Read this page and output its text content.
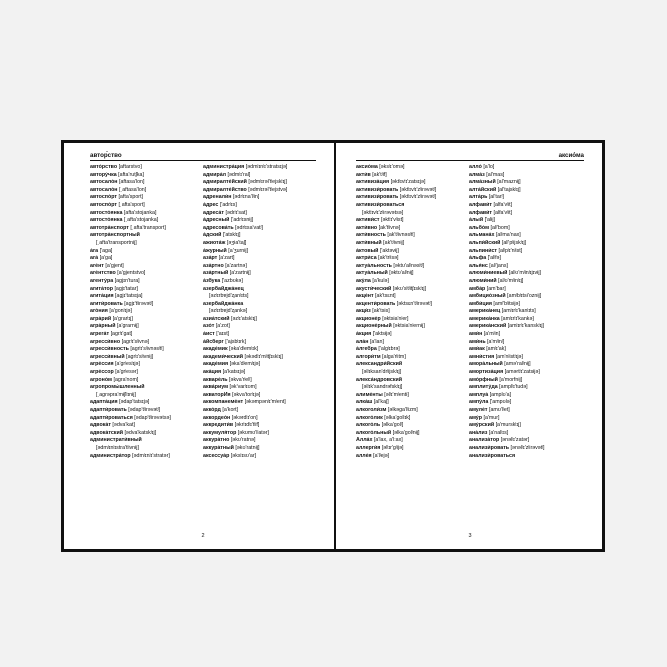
автор́ство
авто́рство [aftarstvo]
автору́чка [afta'rutʃka]
автосало́н [aftasa'lon]
автосало́н [ˌaftasa'lon]
автоспо́рт [afta'sport]
автоспо́рт [ˌafta'sport]
автосто́янка [afta'stojanka]
автосто́янка [ˌafta'stojanka]
автотра́нспорт [ˌafta'transport]
автотра́нспортный
[ˌafta'transportnij]
а́га ['aga]
ага́ [a'ga]
аге́нт [a'gjent]
аге́нтство [a'gjentstvo]
агенту́ра [agjɪn'tura]
агита́тор [agjɪ'tatar]
агита́ция [agjɪ'tatsɪja]
агити́ровать [agjɪ'tʲirəvətʲ]
аго́ния [a'gonʲɪjə]
агра́рий [a'grarʲɪj]
агра́рный [a'grarnɨj]
агрега́т [agrʲɪ'gat]
агресси́вно [agrʲɪ'sʲivnə]
агресси́вность [agrʲɪ'sʲivnəsʲtʲ]
агресси́вный [agrʲɪ'sʲivnɨj]
агре́ссия [a'grʲesʲɪjə]
агре́ссор [a'grʲesər]
агроно́м [agra'nom]
агропромы́шленный
[ˌagrəpra'mɨʃlʲɪnɨj]
адапта́ция [ədap'tatsɪjə]
адапти́ровать [ədap'tʲirəvətʲ]
адапти́роваться [ədap'tʲirəvətsə]
адвока́т [ədva'kat]
адвока́тский [ədva'katskʲɪj]
администрати́вный
[ədmʲɪnʲɪstra'tʲivnɨj]
администра́тор [ədmʲɪnʲɪ'stratər]
администра́ция [ədmʲɪnʲɪ'stratsɪjə]
адмира́л [ədmʲɪ'ral]
адмиралте́йский [ədmʲɪrəl'tʲejskʲɪj]
адмиралте́йство [ədmʲɪrəl'tʲejstvə]
адренали́н [ədrʲɪna'lʲin]
а́дрес ['adrʲɪs]
адреса́т [ədrʲɪ'sat]
а́дресный ['adrʲɪsnɨj]
адресова́ть [ədrʲɪsa'vatʲ]
а́дский ['atskʲɪj]
ажиота́ж [əʒɨa'taʃ]
а́журный [a'ʒurnɨj]
аза́рт [a'zart]
аза́ртно [a'zartnə]
аза́ртный [a'zartnɨj]
а́збука ['azbʊkə]
азербайджа́нец
[əzʲɪrbɐjd'ʐanʲɪts]
азербайджа́нка
[əzʲɪrbɐjd'ʐankə]
азиа́тский [əzʲɪ'atskʲɪj]
азо́т [a'zot]
а́ист ['aɪst]
а́йсберг ['ajsbʲɪrk]
акаде́мик [əka'dʲemʲɪk]
академи́ческий [əkədʲɪ'mʲitʃɪskʲɪj]
акаде́мия [əka'dʲemʲɪjə]
ака́ция [a'katsɪjə]
акваре́ль [əkva'rʲelʲ]
аква́риум [ək'varʲɪʊm]
акваторИя [əkva'torʲɪjə]
аккомпанеме́нт [əkəmpənʲɪ'mʲent]
акко́рд [a'kort]
аккордео́н [əkərdʲɪ'on]
аккредити́в [əkrʲɪdʲɪ'tʲif]
аккумуля́тор [əkʊmʊ'lʲatər]
аккура́тно [əkʊ'ratnə]
аккура́тный [əkʊ'ratnɨj]
аксессуа́р [əksʲɪsʊ'ar]
2
аксио́ма
аксио́ма [əksʲɪ'omə]
акти́в [ak'tʲif]
активиза́ция [əktʲɪvʲɪ'zatsɪjə]
активизи́ровать [əktʲɪvʲɪ'zʲirəvətʲ]
активизи́ровать [əktʲɪvʲɪ'zʲirəvətʲ]
активизи́роваться
[əktʲɪvʲɪ'zʲirəvətsə]
активи́ст [əktʲɪ'vʲist]
акти́вно [ak'tʲivnə]
акти́вность [ak'tʲivnəsʲtʲ]
акти́вный [ak'tʲivnɨj]
а́ктовый ['aktəvɨj]
актри́са [ak'trʲisə]
актуа́льность [əktʊ'alʲnəsʲtʲ]
актуа́льный [əktʊ'alʲnɨj]
аку́ла [a'kulə]
акусти́ческий [əkʊ'sʲtʲitʃɪskʲɪj]
акце́нт [ak'tsɛnt]
акценти́ровать [əktsɛn'tʲirəvətʲ]
акци́з [ak'tsɨs]
акционе́р [əktsɨa'nʲer]
акционе́рный [əktsɨa'nʲernɨj]
а́кция ['aktsɨjə]
ала́н [a'lan]
а́лгебра ['algʲɪbrə]
алгори́тм [alga'rʲitm]
александри́йский
[əlʲɪksan'drʲijskʲɪj]
алекса́ндровский
[əlʲɪk'sandrəfskʲɪj]
алиме́нты [əlʲɪ'mʲentɨ]
алка́ш [al'kaʃ]
алкоголи́зм [əlkəga'lʲizm]
алкого́лик [əlka'golʲɪk]
алкого́ль [əlka'golʲ]
алкого́льный [əlka'golʲnɨj]
Алла́х [a'lax, a'l:ax]
аллерги́я [əlʲɪr'gʲijə]
алле́я [a'lʲejə]
алло́ [a'lo]
алма́з [al'mas]
алма́зный [al'maznɨj]
алта́йский [al'tajskʲɪj]
алта́рь [al'tarʲ]
алфави́т [alfa'vʲit]
алфави́т [alfa'vʲit]
а́лый ['alɨj]
альбо́м [alʲ'bom]
альмана́х [alʲma'nax]
альпи́йский [alʲ'pʲijskʲɪj]
альпини́ст [alʲpʲɪ'nʲist]
а́льфа ['alʲfə]
алья́нс [alʲ'jans]
алюми́ниевый [alʲʊ'mʲinʲɪjɪvɨj]
алюми́ний [alʲʊ'mʲinʲɪj]
амба́р [am'bar]
амбицио́зный [amʲbʲɪtsɨ'oznɨj]
амби́ция [amʲ'bʲitsɨjə]
америка́нец [amʲɪrʲɪ'kanʲɪts]
америка́нка [amʲɪrʲɪ'kankə]
америка́нский [amʲɪrʲɪ'kanskʲɪj]
ами́н [a'mʲin]
ами́нь [a'mʲinʲ]
ами́ак [amʲɪ'ak]
амни́стия [am'nʲistʲɪjə]
амора́льный [amə'ralʲnɨj]
амортиза́ция [amərtʲɪ'zatsɨjə]
амо́рфный [a'morfnɨj]
амплиту́да [amplʲɪ'tudə]
амплуа́ [amplʊ'a]
ампу́ла ['ampʊlə]
амуле́т [amʊ'lʲet]
аму́р [a'mur]
аму́рский [a'murskʲɪj]
ана́лиз [a'nalʲɪs]
анализа́тор [ənəlʲɪ'zatər]
анализи́ровать [ənəlʲɪ'zʲirəvətʲ]
анализи́роваться
3
